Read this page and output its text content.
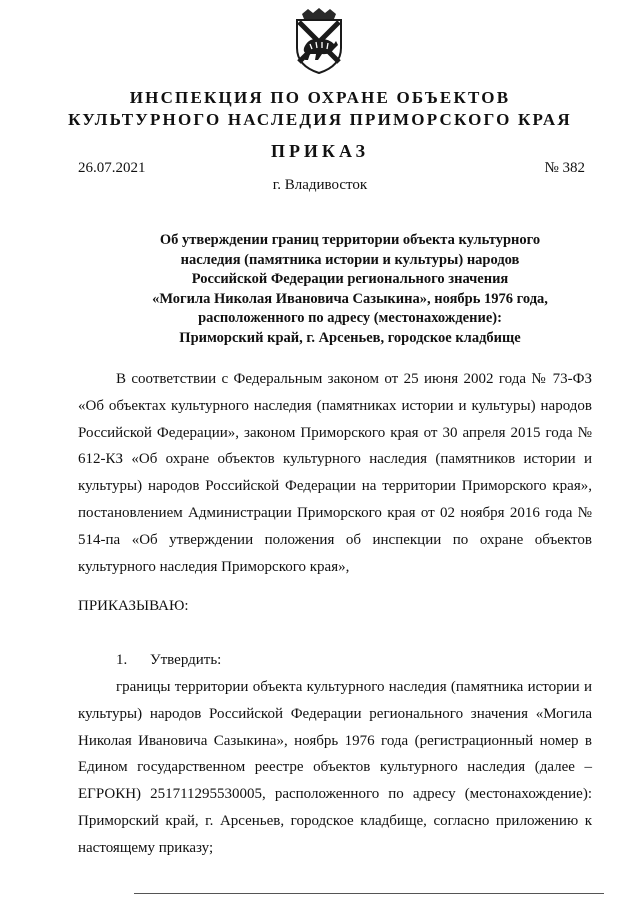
ИНСПЕКЦИЯ ПО ОХРАНЕ ОБЪЕКТОВ
КУЛЬТУРНОГО НАСЛЕДИЯ ПРИМОРСКОГО КРАЯ
ПРИКАЗ
26.07.2021	№ 382
г. Владивосток
Об утверждении границ территории объекта культурного
наследия (памятника истории и культуры) народов
Российской Федерации регионального значения
«Могила Николая Ивановича Сазыкина», ноябрь 1976 года,
расположенного по адресу (местонахождение):
Приморский край, г. Арсеньев, городское кладбище
В соответствии с Федеральным законом от 25 июня 2002 года № 73-ФЗ «Об объектах культурного наследия (памятниках истории и культуры) народов Российской Федерации», законом Приморского края от 30 апреля 2015 года № 612-КЗ «Об охране объектов культурного наследия (памятников истории и культуры) народов Российской Федерации на территории Приморского края», постановлением Администрации Приморского края от 02 ноября 2016 года № 514-па «Об утверждении положения об инспекции по охране объектов культурного наследия Приморского края»,
ПРИКАЗЫВАЮ:
1. Утвердить:
границы территории объекта культурного наследия (памятника истории и культуры) народов Российской Федерации регионального значения «Могила Николая Ивановича Сазыкина», ноябрь 1976 года (регистрационный номер в Едином государственном реестре объектов культурного наследия (далее – ЕГРОКН) 251711295530005, расположенного по адресу (местонахождение): Приморский край, г. Арсеньев, городское кладбище, согласно приложению к настоящему приказу;
